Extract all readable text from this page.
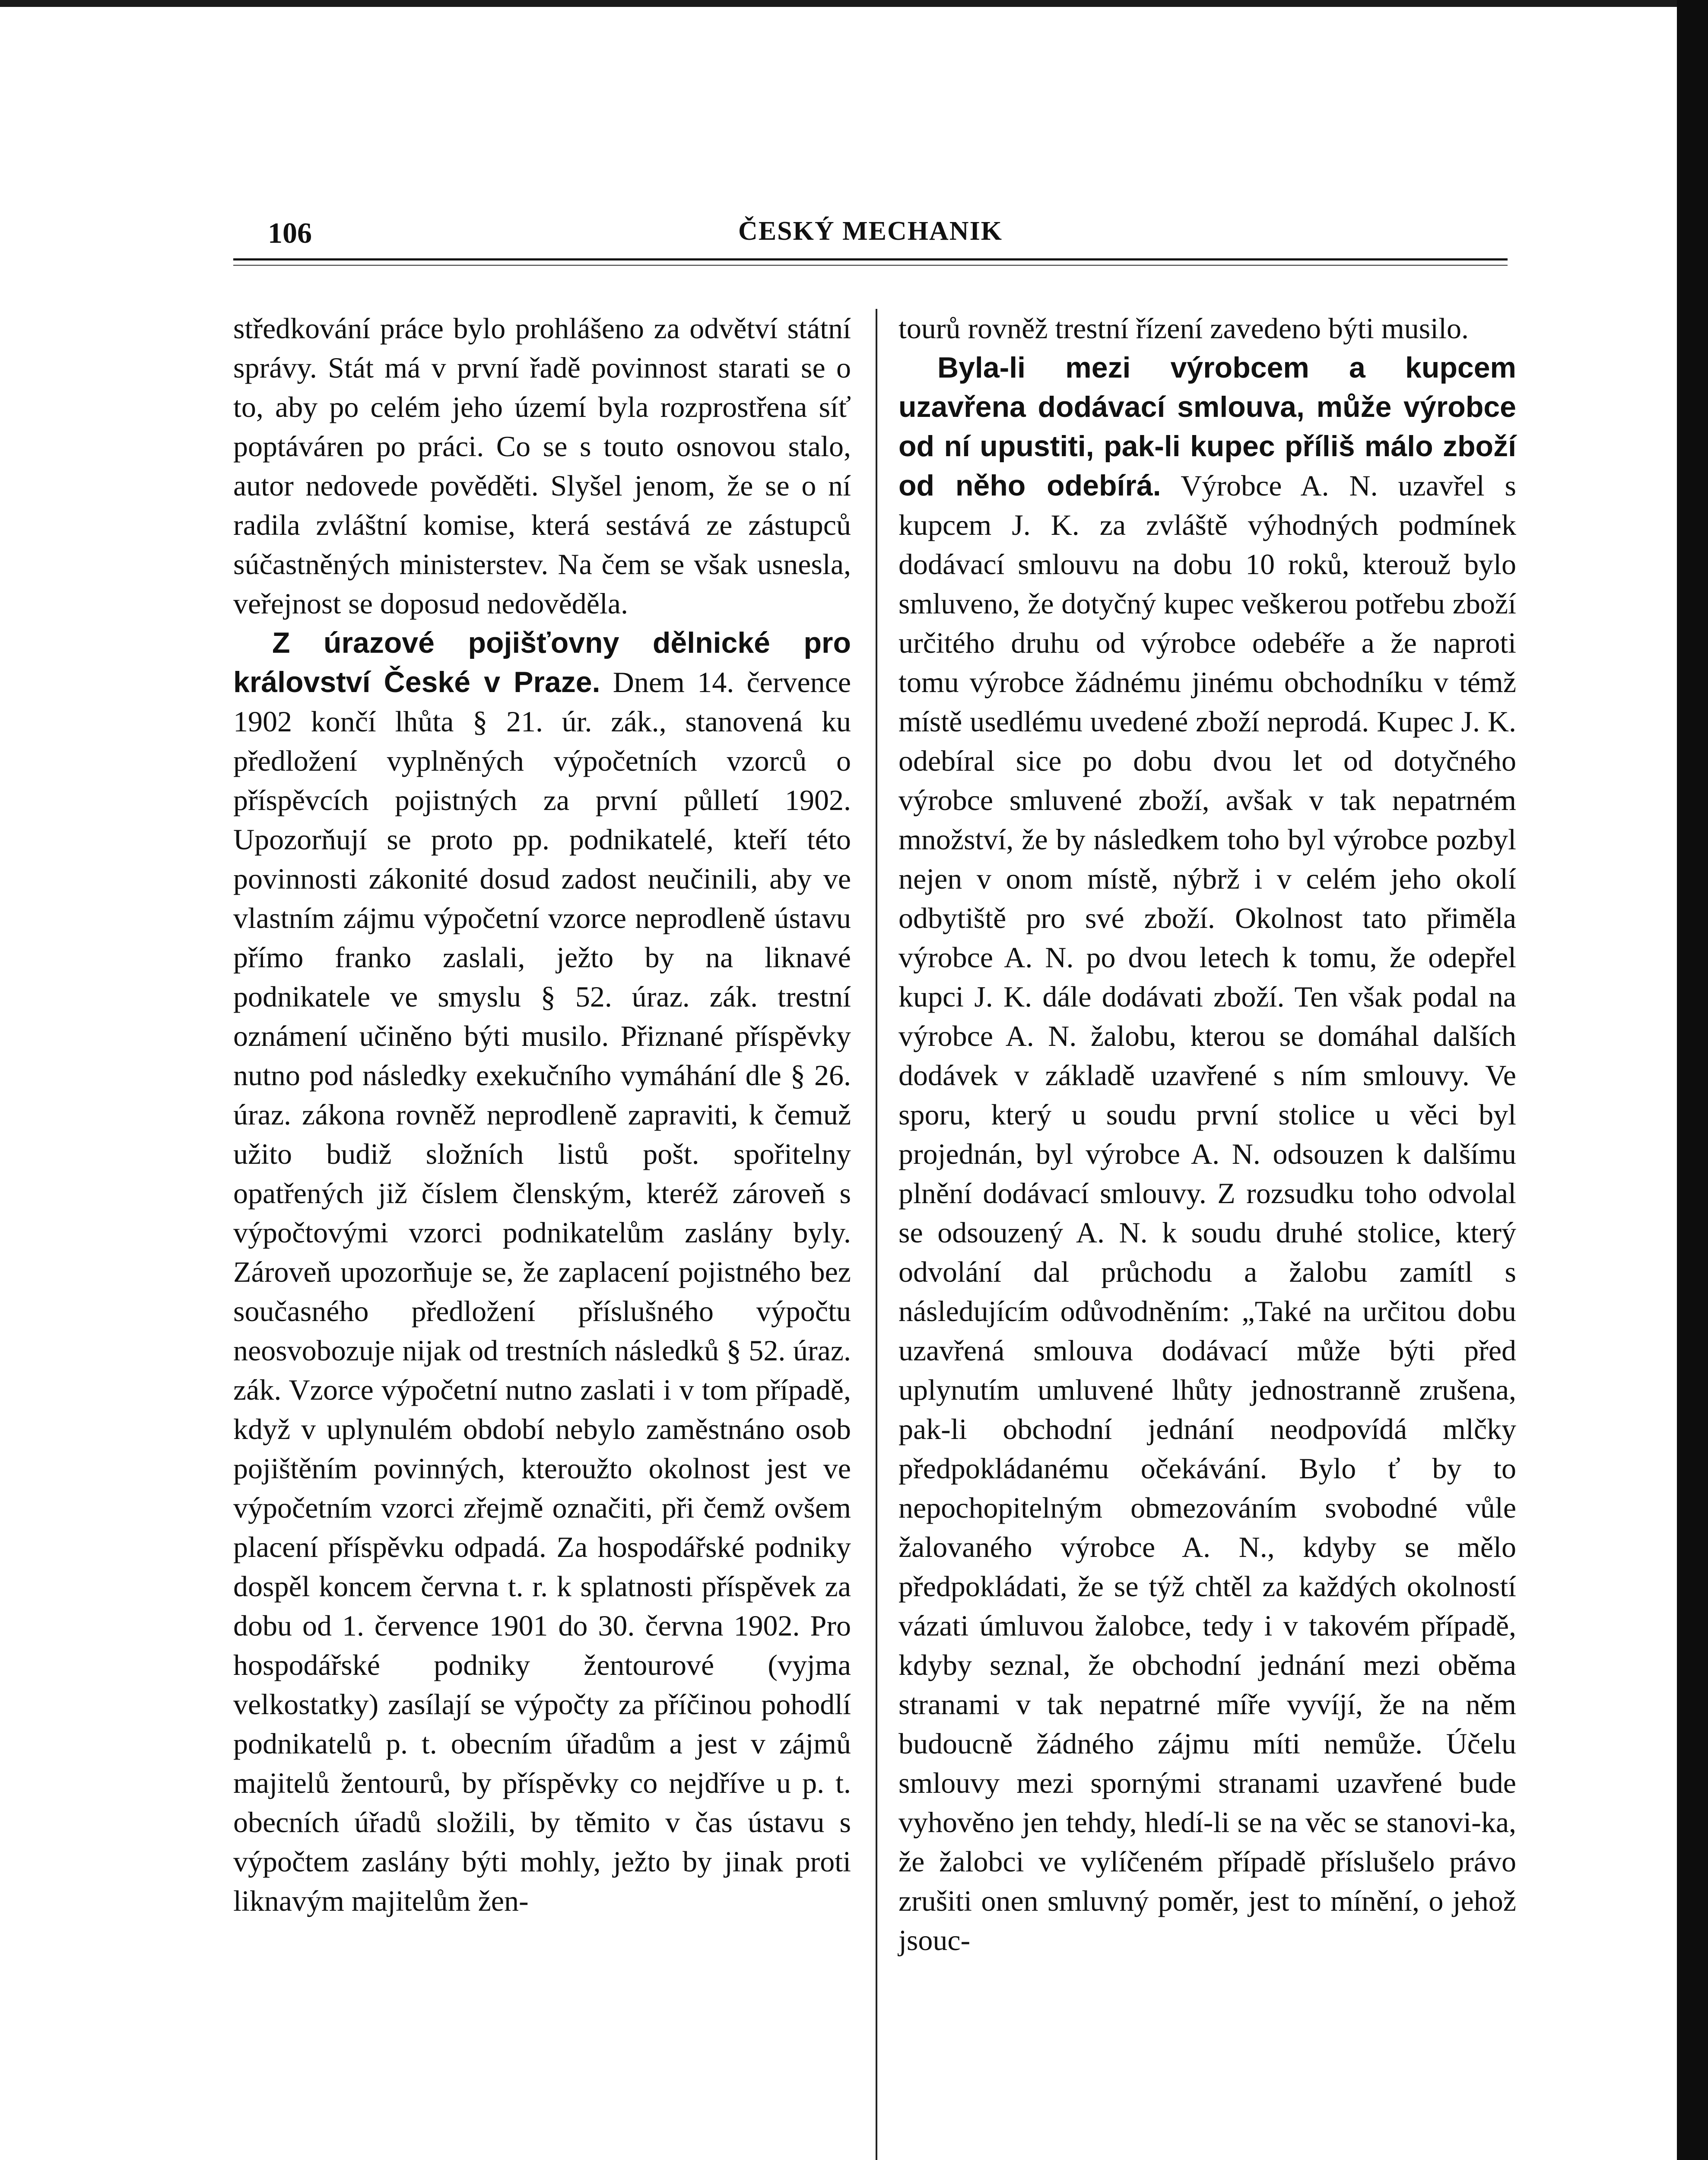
106	ČESKÝ MECHANIK

středkování práce bylo prohlášeno za odvětví státní správy. Stát má v první řadě povinnost starati se o to, aby po celém jeho území byla rozprostřena síť poptáváren po práci. Co se s touto osnovou stalo, autor nedovede pověděti. Slyšel jenom, že se o ní radila zvláštní komise, která sestává ze zástupců súčastněných ministerstev. Na čem se však usnesla, veřejnost se doposud nedověděla.

Z úrazové pojišťovny dělnické pro království České v Praze. Dnem 14. července 1902 končí lhůta § 21. úr. zák., stanovená ku předložení vyplněných výpočetních vzorců o příspěvcích pojistných za první půlletí 1902. Upozorňují se proto pp. podnikatelé, kteří této povinnosti zákonité dosud zadost neučinili, aby ve vlastním zájmu výpočetní vzorce neprodleně ústavu přímo franko zaslali, ježto by na liknavé podnikatele ve smyslu § 52. úraz. zák. trestní oznámení učiněno býti musilo. Přiznané příspěvky nutno pod následky exekučního vymáhání dle § 26. úraz. zákona rovněž neprodleně zapraviti, k čemuž užito budiž složních listů pošt. spořitelny opatřených již číslem členským, kteréž zároveň s výpočtovými vzorci podnikatelům zaslány byly. Zároveň upozorňuje se, že zaplacení pojistného bez současného předložení příslušného výpočtu neosvobozuje nijak od trestních následků § 52. úraz. zák. Vzorce výpočetní nutno zaslati i v tom případě, když v uplynulém období nebylo zaměstnáno osob pojištěním povinných, kteroužto okolnost jest ve výpočetním vzorci zřejmě označiti, při čemž ovšem placení příspěvku odpadá. Za hospodářské podniky dospěl koncem června t. r. k splatnosti příspěvek za dobu od 1. července 1901 do 30. června 1902. Pro hospodářské podniky žentourové (vyjma velkostatky) zasílají se výpočty za příčinou pohodlí podnikatelů p. t. obecním úřadům a jest v zájmů majitelů žentourů, by příspěvky co nejdříve u p. t. obecních úřadů složili, by těmito v čas ústavu s výpočtem zaslány býti mohly, ježto by jinak proti liknavým majitelům žen-

tourů rovněž trestní řízení zavedeno býti musilo.

Byla-li mezi výrobcem a kupcem uzavřena dodávací smlouva, může výrobce od ní upustiti, pak-li kupec příliš málo zboží od něho odebírá. Výrobce A. N. uzavřel s kupcem J. K. za zvláště výhodných podmínek dodávací smlouvu na dobu 10 roků, kterouž bylo smluveno, že dotyčný kupec veškerou potřebu zboží určitého druhu od výrobce odebéře a že naproti tomu výrobce žádnému jinému obchodníku v témž místě usedlému uvedené zboží neprodá. Kupec J. K. odebíral sice po dobu dvou let od dotyčného výrobce smluvené zboží, avšak v tak nepatrném množství, že by následkem toho byl výrobce pozbyl nejen v onom místě, nýbrž i v celém jeho okolí odbytiště pro své zboží. Okolnost tato přiměla výrobce A. N. po dvou letech k tomu, že odepřel kupci J. K. dále dodávati zboží. Ten však podal na výrobce A. N. žalobu, kterou se domáhal dalších dodávek v základě uzavřené s ním smlouvy. Ve sporu, který u soudu první stolice u věci byl projednán, byl výrobce A. N. odsouzen k dalšímu plnění dodávací smlouvy. Z rozsudku toho odvolal se odsouzený A. N. k soudu druhé stolice, který odvolání dal průchodu a žalobu zamítl s následujícím odůvodněním: „Také na určitou dobu uzavřená smlouva dodávací může býti před uplynutím umluvené lhůty jednostranně zrušena, pak-li obchodní jednání neodpovídá mlčky předpokládanému očekávání. Bylo ť by to nepochopitelným obmezováním svobodné vůle žalovaného výrobce A. N., kdyby se mělo předpokládati, že se týž chtěl za každých okolností vázati úmluvou žalobce, tedy i v takovém případě, kdyby seznal, že obchodní jednání mezi oběma stranami v tak nepatrné míře vyvíjí, že na něm budoucně žádného zájmu míti nemůže. Účelu smlouvy mezi spornými stranami uzavřené bude vyhověno jen tehdy, hledí-li se na věc se stanovi-ka, že žalobci ve vylíčeném případě příslušelo právo zrušiti onen smluvný poměr, jest to mínění, o jehož jsouc-
